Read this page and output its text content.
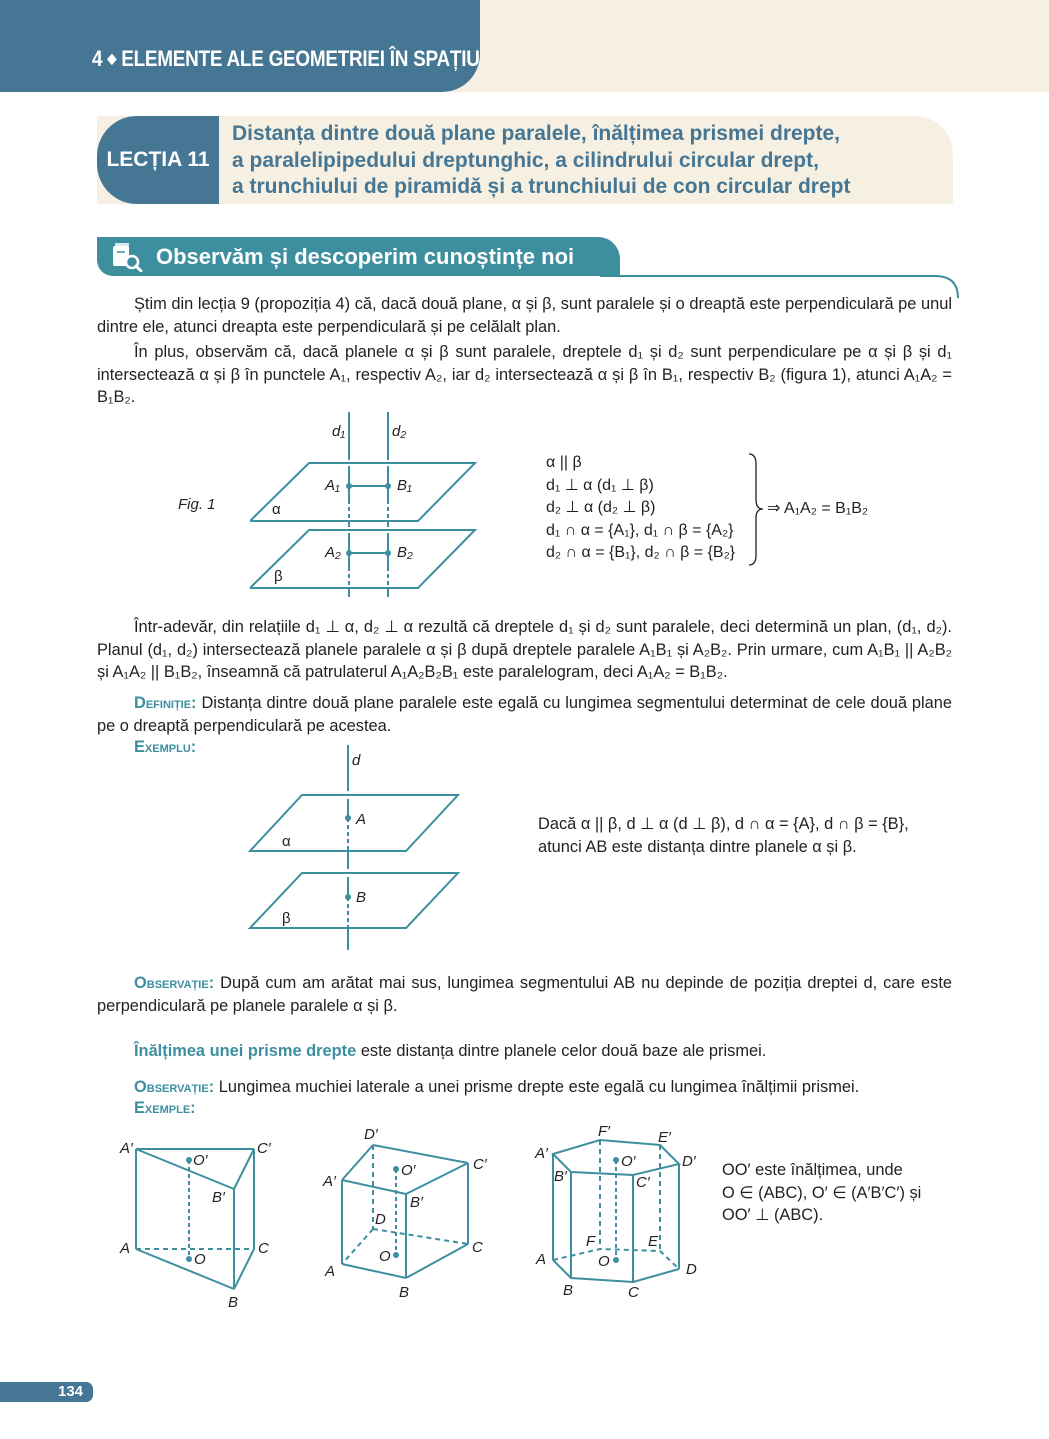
4 ◆ ELEMENTE ALE GEOMETRIEI ÎN SPAȚIU
LECȚIA 11
Distanța dintre două plane paralele, înălțimea prismei drepte,
a paralelipipedului dreptunghic, a cilindrului circular drept,
a trunchiului de piramidă și a trunchiului de con circular drept
Observăm și descoperim cunoștințe noi
Știm din lecția 9 (propoziția 4) că, dacă două plane, α și β, sunt paralele și o dreaptă este perpendiculară pe unul dintre ele, atunci dreapta este perpendiculară și pe celălalt plan.
În plus, observăm că, dacă planele α și β sunt paralele, dreptele d₁ și d₂ sunt perpendiculare pe α și β și d₁ intersectează α și β în punctele A₁, respectiv A₂, iar d₂ intersectează α și β în B₁, respectiv B₂ (figura 1), atunci A₁A₂ = B₁B₂.
Fig. 1
d₁	d₂
A₁	B₁
A₂	B₂
α
β
α || β
d₁ ⊥ α (d₁ ⊥ β)
d₂ ⊥ α (d₂ ⊥ β)
d₁ ∩ α = {A₁}, d₁ ∩ β = {A₂}
d₂ ∩ α = {B₁}, d₂ ∩ β = {B₂}
⇒ A₁A₂ = B₁B₂
Într-adevăr, din relațiile d₁ ⊥ α, d₂ ⊥ α rezultă că dreptele d₁ și d₂ sunt paralele, deci determină un plan, (d₁, d₂). Planul (d₁, d₂) intersectează planele paralele α și β după dreptele paralele A₁B₁ și A₂B₂. Prin urmare, cum A₁B₁ || A₂B₂ și A₁A₂ || B₁B₂, înseamnă că patrulaterul A₁A₂B₂B₁ este paralelogram, deci A₁A₂ = B₁B₂.
Definiție: Distanța dintre două plane paralele este egală cu lungimea segmentului determinat de cele două plane pe o dreaptă perpendiculară pe acestea.
Exemplu:
d
A
B
α
β
Dacă α || β, d ⊥ α (d ⊥ β), d ∩ α = {A}, d ∩ β = {B},
atunci AB este distanța dintre planele α și β.
Observație: După cum am arătat mai sus, lungimea segmentului AB nu depinde de poziția dreptei d, care este perpendiculară pe planele paralele α și β.
Înălțimea unei prisme drepte este distanța dintre planele celor două baze ale prismei.
Observație: Lungimea muchiei laterale a unei prisme drepte este egală cu lungimea înălțimii prismei.
Exemple:
A′	C′
O′
B′
A
O
C
B
D′
A′
O′	C′
B′
D
O
A
C
B
F′	E′
A′	O′	D′
B′	C′
F	E
A	O	D
B	C
OO′ este înălțimea, unde
O ∈ (ABC), O′ ∈ (A′B′C′) și
OO′ ⊥ (ABC).
134
